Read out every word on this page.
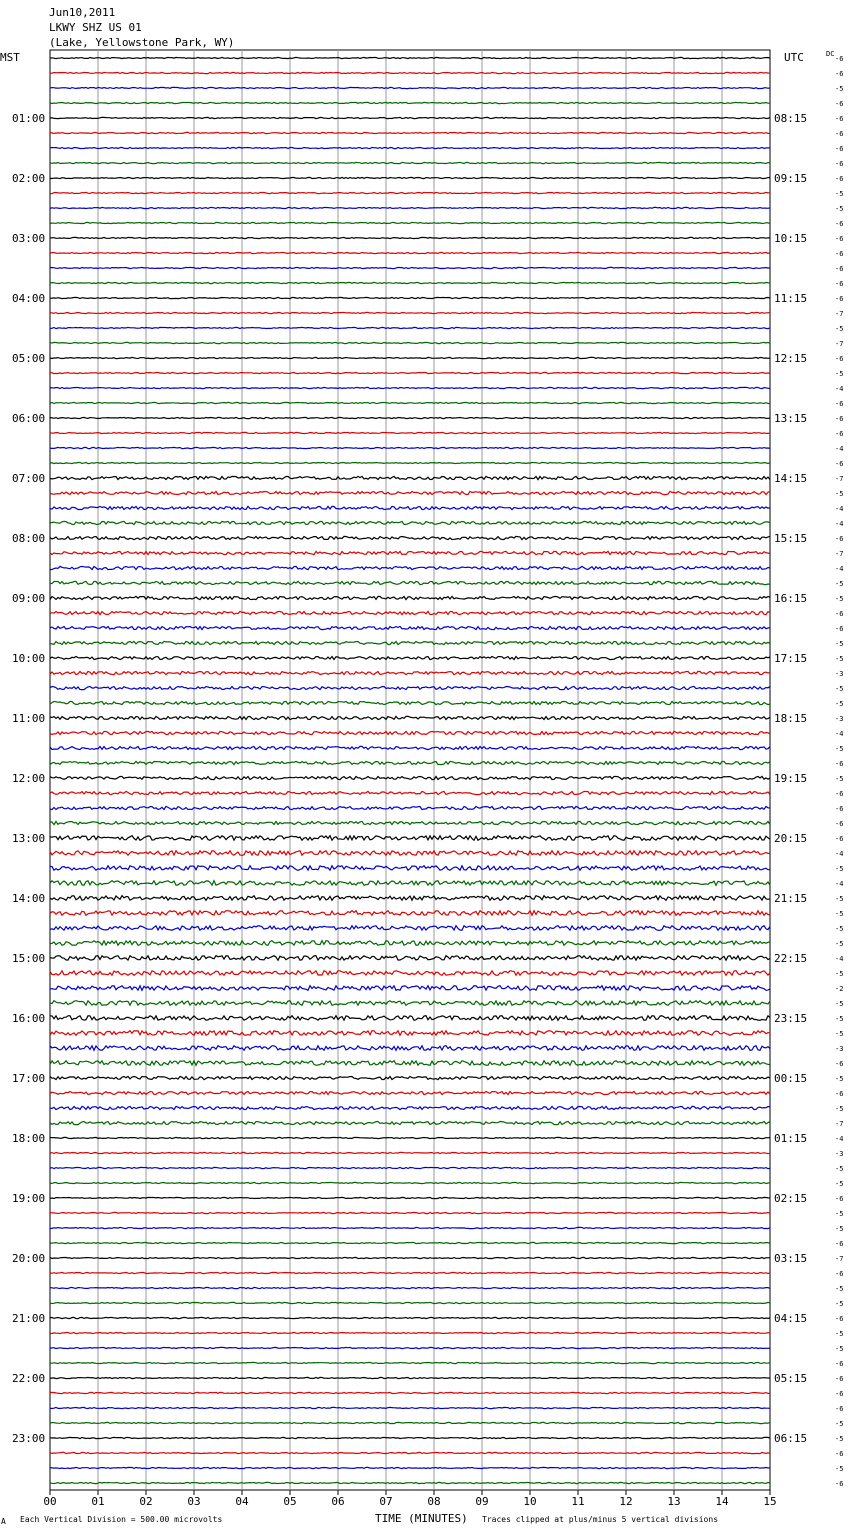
Jun10,2011
LKWY SHZ US 01
(Lake, Yellowstone Park, WY)
MST	UTC	DC
01:00
02:00
03:00
04:00
05:00
06:00
07:00
08:00
09:00
10:00
11:00
12:00
13:00
14:00
15:00
16:00
17:00
18:00
19:00
20:00
21:00
22:00
23:00
08:15
09:15
10:15
11:15
12:15
13:15
14:15
15:15
16:15
17:15
18:15
19:15
20:15
21:15
22:15
23:15
00:15
01:15
02:15
03:15
04:15
05:15
06:15
-6
-6
-5
-6
-6
-6
-6
-6
-6
-5
-5
-6
-6
-6
-6
-6
-6
-7
-5
-7
-6
-5
-4
-6
-6
-6
-4
-6
-7
-5
-4
-4
-6
-7
-4
-5
-5
-6
-6
-5
-5
-3
-5
-5
-3
-4
-5
-6
-5
-6
-6
-6
-6
-4
-5
-4
-5
-5
-5
-5
-4
-5
-2
-5
-5
-5
-3
-6
-5
-6
-5
-7
-4
-3
-5
-5
-6
-5
-5
-6
-7
-6
-5
-5
-6
-5
-5
-6
-6
-6
-6
-5
-5
-6
-5
-6
00	01	02	03	04	05	06	07	08	09	10	11	12	13	14	15
TIME (MINUTES)
A Each Vertical Division = 500.00 microvolts	Traces clipped at plus/minus 5 vertical divisions
